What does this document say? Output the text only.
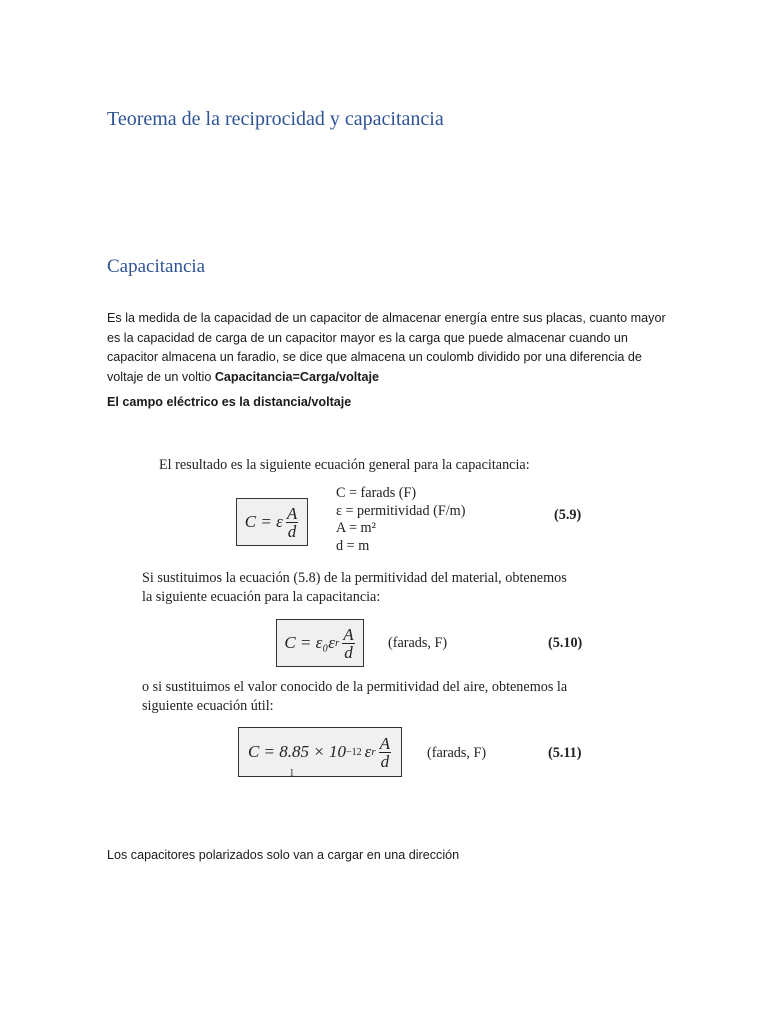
Teorema de la reciprocidad y capacitancia
Capacitancia
Es la medida de la capacidad de un capacitor de almacenar energía entre sus placas, cuanto mayor es la capacidad de carga de un capacitor mayor es la carga que puede almacenar cuando un capacitor almacena un faradio, se dice que almacena un coulomb dividido por una diferencia de voltaje de un voltio Capacitancia=Carga/voltaje
El campo eléctrico es la distancia/voltaje
El resultado es la siguiente ecuación general para la capacitancia:
C = ε $\frac{A}{d}$
C = farads (F)
ε = permitividad (F/m)
A = m²
d = m
(5.9)
Si sustituimos la ecuación (5.8) de la permitividad del material, obtenemos
la siguiente ecuación para la capacitancia:
C = ε₀ε r $\frac{A}{d}$ (farads, F)	(5.10)
o si sustituimos el valor conocido de la permitividad del aire, obtenemos la
siguiente ecuación útil:
C = 8.85 × 10 −12 ε r $\frac{A}{d}$ (farads, F)	(5.11)
I
Los capacitores polarizados solo van a cargar en una dirección
